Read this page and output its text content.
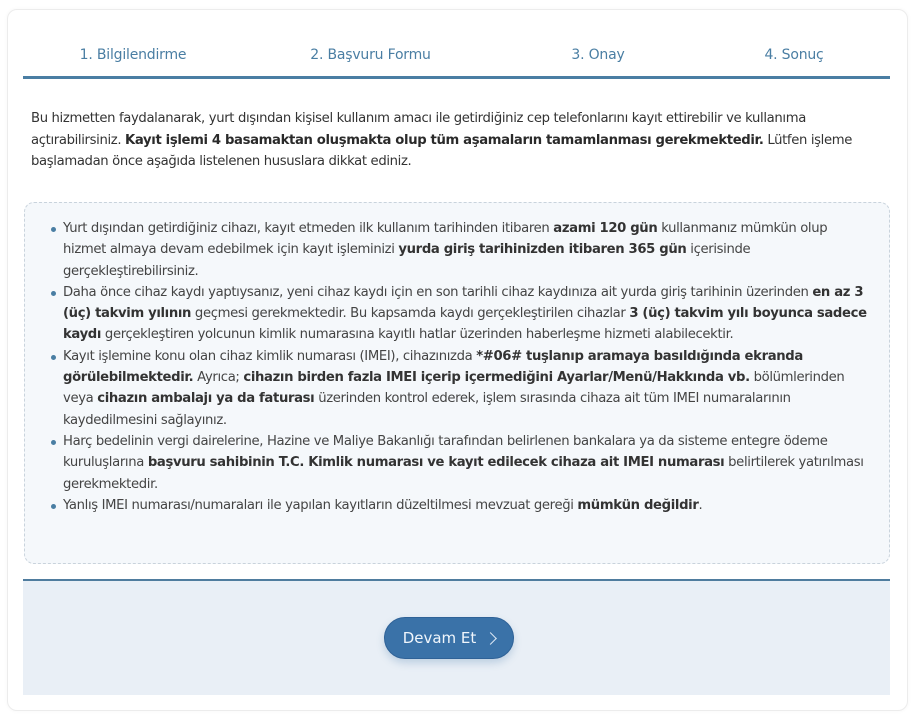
1. Bilgilendirme	2. Başvuru Formu	3. Onay	4. Sonuç

Bu hizmetten faydalanarak, yurt dışından kişisel kullanım amacı ile getirdiğiniz cep telefonlarını kayıt ettirebilir ve kullanıma açtırabilirsiniz. Kayıt işlemi 4 basamaktan oluşmakta olup tüm aşamaların tamamlanması gerekmektedir. Lütfen işleme başlamadan önce aşağıda listelenen hususlara dikkat ediniz.

Yurt dışından getirdiğiniz cihazı, kayıt etmeden ilk kullanım tarihinden itibaren azami 120 gün kullanmanız mümkün olup hizmet almaya devam edebilmek için kayıt işleminizi yurda giriş tarihinizden itibaren 365 gün içerisinde gerçekleştirebilirsiniz.
Daha önce cihaz kaydı yaptıysanız, yeni cihaz kaydı için en son tarihli cihaz kaydınıza ait yurda giriş tarihinin üzerinden en az 3 (üç) takvim yılının geçmesi gerekmektedir. Bu kapsamda kaydı gerçekleştirilen cihazlar 3 (üç) takvim yılı boyunca sadece kaydı gerçekleştiren yolcunun kimlik numarasına kayıtlı hatlar üzerinden haberleşme hizmeti alabilecektir.
Kayıt işlemine konu olan cihaz kimlik numarası (IMEI), cihazınızda *#06# tuşlanıp aramaya basıldığında ekranda görülebilmektedir. Ayrıca; cihazın birden fazla IMEI içerip içermediğini Ayarlar/Menü/Hakkında vb. bölümlerinden veya cihazın ambalajı ya da faturası üzerinden kontrol ederek, işlem sırasında cihaza ait tüm IMEI numaralarının kaydedilmesini sağlayınız.
Harç bedelinin vergi dairelerine, Hazine ve Maliye Bakanlığı tarafından belirlenen bankalara ya da sisteme entegre ödeme kuruluşlarına başvuru sahibinin T.C. Kimlik numarası ve kayıt edilecek cihaza ait IMEI numarası belirtilerek yatırılması gerekmektedir.
Yanlış IMEI numarası/numaraları ile yapılan kayıtların düzeltilmesi mevzuat gereği mümkün değildir.
Devam Et
